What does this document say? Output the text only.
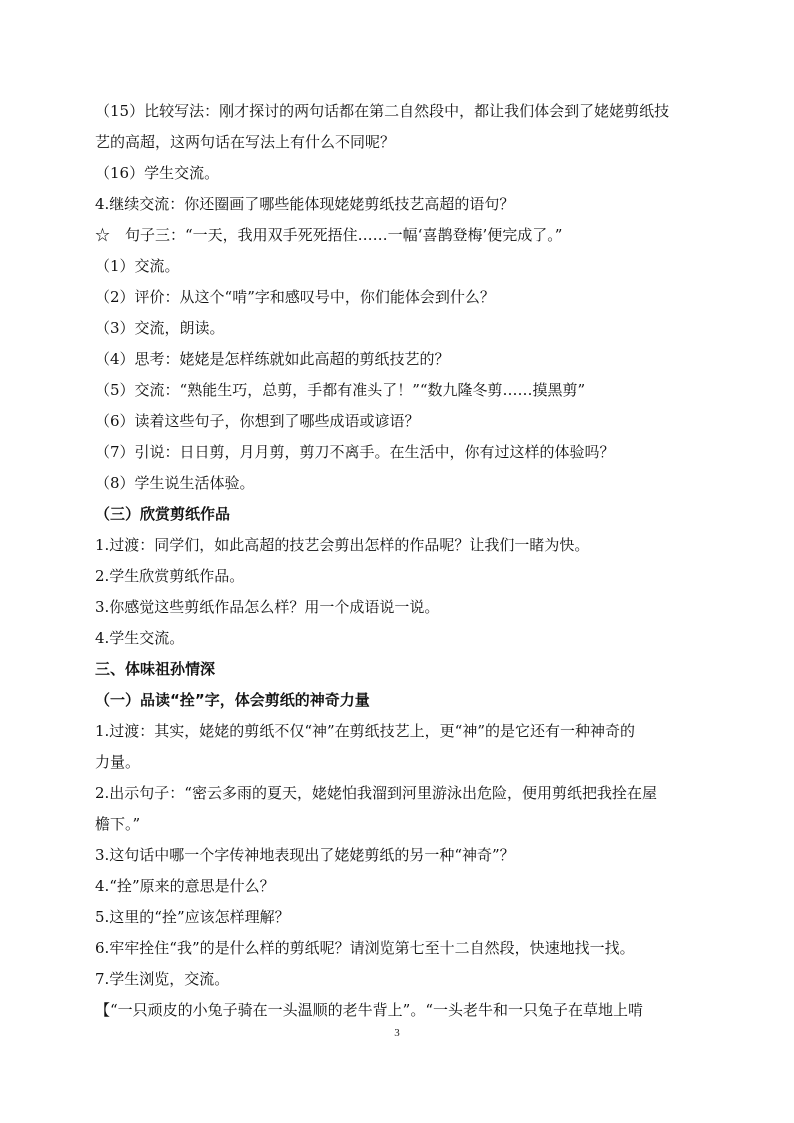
（15）比较写法：刚才探讨的两句话都在第二自然段中，都让我们体会到了姥姥剪纸技
艺的高超，这两句话在写法上有什么不同呢？
（16）学生交流。
4.继续交流：你还圈画了哪些能体现姥姥剪纸技艺高超的语句？
☆　句子三：“一天，我用双手死死捂住……一幅‘喜鹊登梅’便完成了。”
（1）交流。
（2）评价：从这个“啃”字和感叹号中，你们能体会到什么？
（3）交流，朗读。
（4）思考：姥姥是怎样练就如此高超的剪纸技艺的？
（5）交流：“熟能生巧，总剪，手都有准头了！”“数九隆冬剪……摸黑剪”
（6）读着这些句子，你想到了哪些成语或谚语？
（7）引说：日日剪，月月剪，剪刀不离手。在生活中，你有过这样的体验吗？
（8）学生说生活体验。
（三）欣赏剪纸作品
1.过渡：同学们，如此高超的技艺会剪出怎样的作品呢？让我们一睹为快。
2.学生欣赏剪纸作品。
3.你感觉这些剪纸作品怎么样？用一个成语说一说。
4.学生交流。
三、体味祖孙情深
（一）品读“拴”字，体会剪纸的神奇力量
1.过渡：其实，姥姥的剪纸不仅“神”在剪纸技艺上，更“神”的是它还有一种神奇的
力量。
2.出示句子：“密云多雨的夏天，姥姥怕我溜到河里游泳出危险，便用剪纸把我拴在屋
檐下。”
3.这句话中哪一个字传神地表现出了姥姥剪纸的另一种“神奇”？
4.“拴”原来的意思是什么？
5.这里的“拴”应该怎样理解？
6.牢牢拴住“我”的是什么样的剪纸呢？请浏览第七至十二自然段，快速地找一找。
7.学生浏览，交流。
【“一只顽皮的小兔子骑在一头温顺的老牛背上”。“一头老牛和一只兔子在草地上啃
3
